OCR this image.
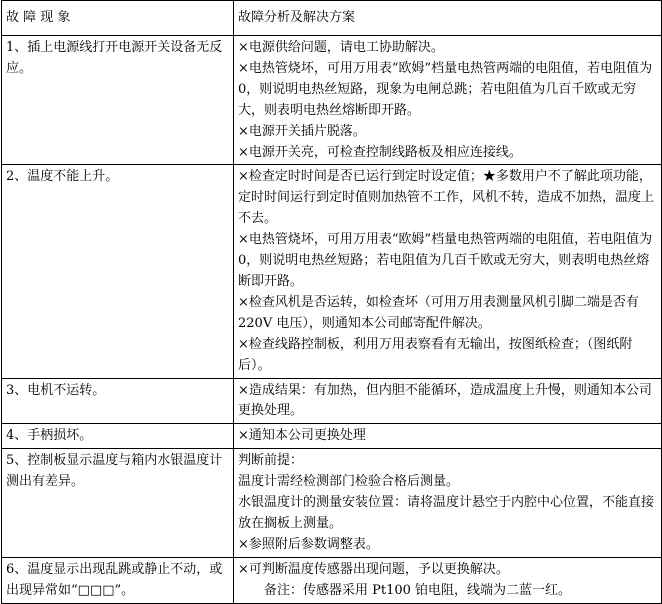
故 障 现 象	故障分析及解决方案
1、插上电源线打开电源开关设备无反应。	×电源供给问题，请电工协助解决。
×电热管烧坏，可用万用表“欧姆”档量电热管两端的电阻值，若电阻值为 0，则说明电热丝短路，现象为电闸总跳；若电阻值为几百千欧或无穷大，则表明电热丝熔断即开路。
×电源开关插片脱落。
×电源开关亮，可检查控制线路板及相应连接线。

2、温度不能上升。	×检查定时时间是否已运行到定时设定值；★多数用户不了解此项功能，定时时间运行到定时值则加热管不工作，风机不转，造成不加热，温度上不去。
×电热管烧坏，可用万用表“欧姆”档量电热管两端的电阻值，若电阻值为 0，则说明电热丝短路；若电阻值为几百千欧或无穷大，则表明电热丝熔断即开路。
×检查风机是否运转，如检查坏（可用万用表测量风机引脚二端是否有 220V 电压），则通知本公司邮寄配件解决。
×检查线路控制板，利用万用表察看有无输出，按图纸检查；（图纸附后）。

3、电机不运转。	×造成结果：有加热，但内胆不能循环，造成温度上升慢，则通知本公司更换处理。

4、手柄损坏。	×通知本公司更换处理

5、控制板显示温度与箱内水银温度计测出有差异。	判断前提：
温度计需经检测部门检验合格后测量。
水银温度计的测量安装位置：请将温度计悬空于内腔中心位置，不能直接放在搁板上测量。
×参照附后参数调整表。

6、温度显示出现乱跳或静止不动，或出现异常如“□□□”。	×可判断温度传感器出现问题，予以更换解决。
备注：传感器采用 Pt100 铂电阻，线端为二蓝一红。
